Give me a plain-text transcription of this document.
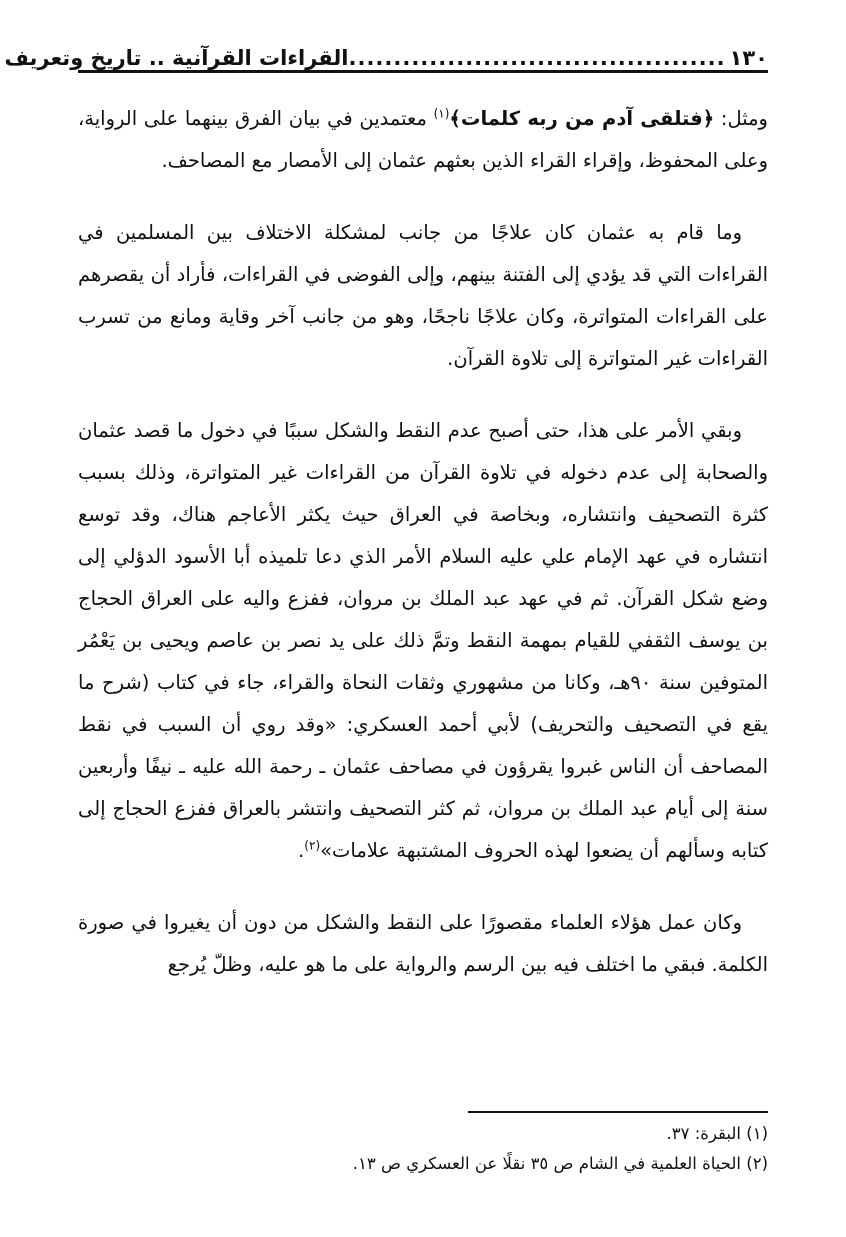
١٣٠
..........................................
القراءات القرآنية .. تاريخ وتعريف

ومثل: ﴿فتلقى آدم من ربه كلمات﴾$^{(١)}$ معتمدين في بيان الفرق بينهما على الرواية، وعلى المحفوظ، وإقراء القراء الذين بعثهم عثمان إلى الأمصار مع المصاحف.

وما قام به عثمان كان علاجًا من جانب لمشكلة الاختلاف بين المسلمين في القراءات التي قد يؤدي إلى الفتنة بينهم، وإلى الفوضى في القراءات، فأراد أن يقصرهم على القراءات المتواترة، وكان علاجًا ناجحًا، وهو من جانب آخر وقاية ومانع من تسرب القراءات غير المتواترة إلى تلاوة القرآن.

وبقي الأمر على هذا، حتى أصبح عدم النقط والشكل سببًا في دخول ما قصد عثمان والصحابة إلى عدم دخوله في تلاوة القرآن من القراءات غير المتواترة، وذلك بسبب كثرة التصحيف وانتشاره، وبخاصة في العراق حيث يكثر الأعاجم هناك، وقد توسع انتشاره في عهد الإمام علي عليه السلام الأمر الذي دعا تلميذه أبا الأسود الدؤلي إلى وضع شكل القرآن. ثم في عهد عبد الملك بن مروان، ففزع واليه على العراق الحجاج بن يوسف الثقفي للقيام بمهمة النقط وتمَّ ذلك على يد نصر بن عاصم ويحيى بن يَعْمُر المتوفين سنة ٩٠هـ، وكانا من مشهوري وثقات النحاة والقراء، جاء في كتاب (شرح ما يقع في التصحيف والتحريف) لأبي أحمد العسكري: «وقد روي أن السبب في نقط المصاحف أن الناس غبروا يقرؤون في مصاحف عثمان ـ رحمة الله عليه ـ نيفًا وأربعين سنة إلى أيام عبد الملك بن مروان، ثم كثر التصحيف وانتشر بالعراق ففزع الحجاج إلى كتابه وسألهم أن يضعوا لهذه الحروف المشتبهة علامات»$^{(٢)}$.

وكان عمل هؤلاء العلماء مقصورًا على النقط والشكل من دون أن يغيروا في صورة الكلمة. فبقي ما اختلف فيه بين الرسم والرواية على ما هو عليه، وظلّ يُرجع

(١) البقرة: ٣٧.
(٢) الحياة العلمية في الشام ص ٣٥ نقلًا عن العسكري ص ١٣.
